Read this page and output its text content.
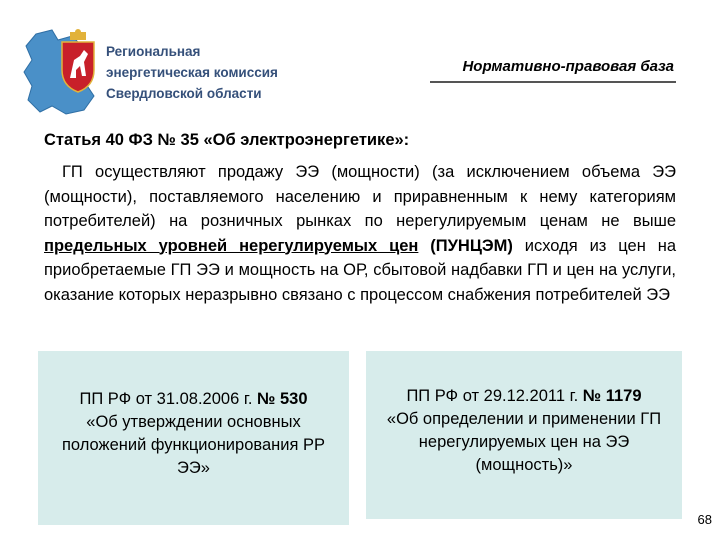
Региональная
энергетическая комиссия
Свердловской области
Нормативно-правовая база
Статья 40 ФЗ № 35 «Об электроэнергетике»:
ГП осуществляют продажу ЭЭ (мощности) (за исключением объема ЭЭ (мощности), поставляемого населению и приравненным к нему категориям потребителей) на розничных рынках по нерегулируемым ценам не выше предельных уровней нерегулируемых цен (ПУНЦЭМ) исходя из цен на приобретаемые ГП ЭЭ и мощность на ОР, сбытовой надбавки ГП и цен на услуги, оказание которых неразрывно связано с процессом снабжения потребителей ЭЭ
ПП РФ от 31.08.2006 г. № 530
«Об утверждении основных положений функционирования РР ЭЭ»
ПП РФ от 29.12.2011 г. № 1179
«Об определении и применении ГП нерегулируемых цен на ЭЭ (мощность)»
68
